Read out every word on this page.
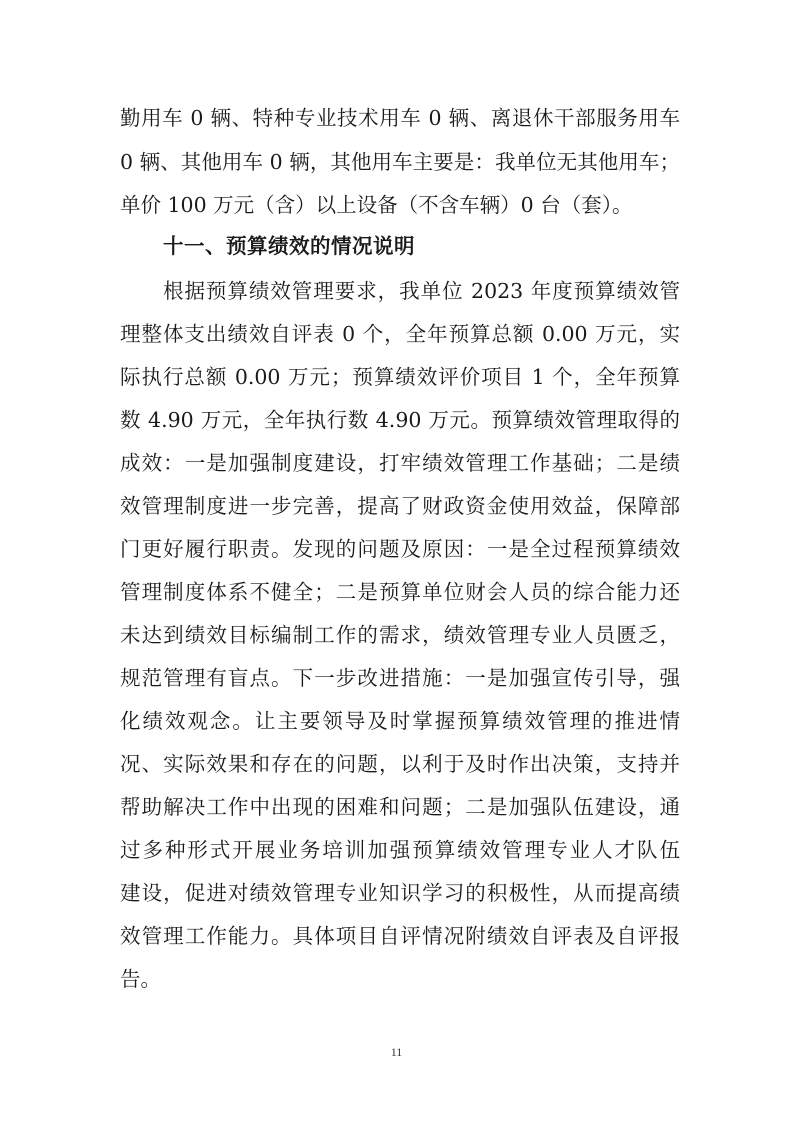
勤用车 0 辆、特种专业技术用车 0 辆、离退休干部服务用车
0 辆、其他用车 0 辆，其他用车主要是：我单位无其他用车；
单价 100 万元（含）以上设备（不含车辆）0 台（套）。
十一、预算绩效的情况说明
根据预算绩效管理要求，我单位 2023 年度预算绩效管
理整体支出绩效自评表 0 个，全年预算总额 0.00 万元，实
际执行总额 0.00 万元；预算绩效评价项目 1 个，全年预算
数 4.90 万元，全年执行数 4.90 万元。预算绩效管理取得的
成效：一是加强制度建设，打牢绩效管理工作基础；二是绩
效管理制度进一步完善，提高了财政资金使用效益，保障部
门更好履行职责。发现的问题及原因：一是全过程预算绩效
管理制度体系不健全；二是预算单位财会人员的综合能力还
未达到绩效目标编制工作的需求，绩效管理专业人员匮乏，
规范管理有盲点。下一步改进措施：一是加强宣传引导，强
化绩效观念。让主要领导及时掌握预算绩效管理的推进情
况、实际效果和存在的问题，以利于及时作出决策，支持并
帮助解决工作中出现的困难和问题；二是加强队伍建设，通
过多种形式开展业务培训加强预算绩效管理专业人才队伍
建设，促进对绩效管理专业知识学习的积极性，从而提高绩
效管理工作能力。具体项目自评情况附绩效自评表及自评报
告。
11
